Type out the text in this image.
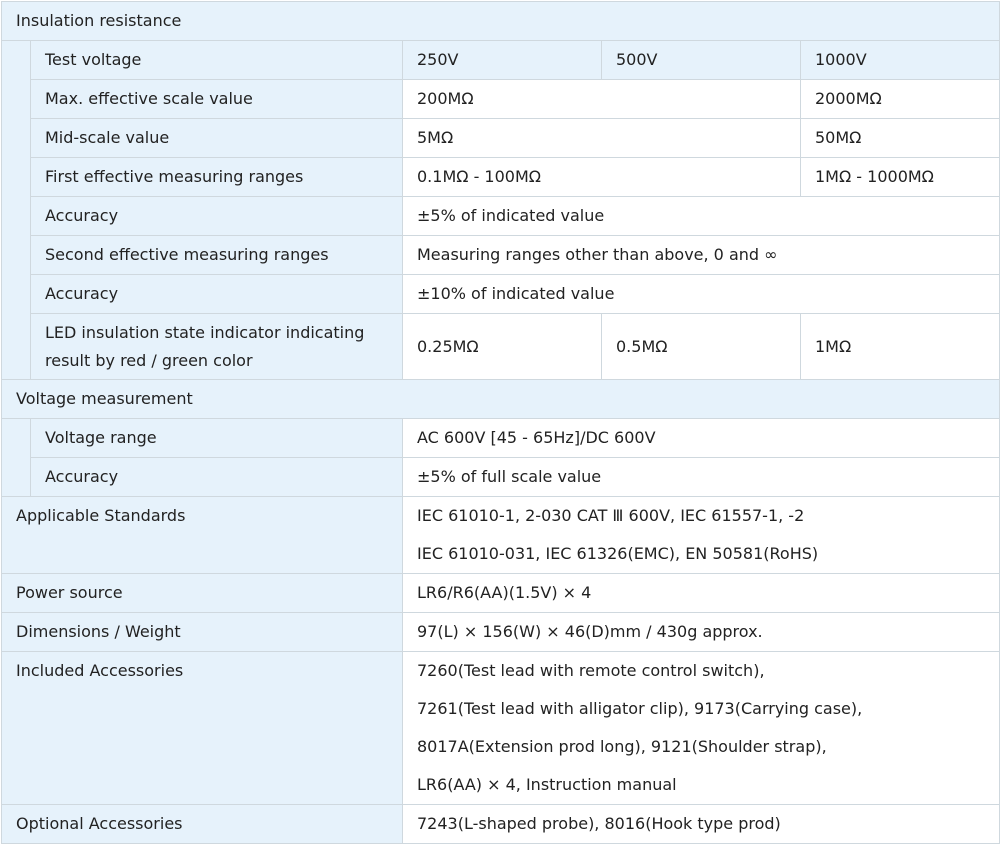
Insulation resistance				
	Test voltage	250V	500V	1000V
	Max. effective scale value	200MΩ		2000MΩ
	Mid-scale value	5MΩ		50MΩ
	First effective measuring ranges	0.1MΩ - 100MΩ		1MΩ - 1000MΩ
	Accuracy	±5% of indicated value		
	Second effective measuring ranges	Measuring ranges other than above, 0 and ∞		
	Accuracy	±10% of indicated value		

	LED insulation state indicator indicating
result by red / green color	0.25MΩ	0.5MΩ	1MΩ
Voltage measurement				
	Voltage range	AC 600V [45 - 65Hz]/DC 600V		
	Accuracy	±5% of full scale value		
Applicable Standards		IEC 61010-1, 2-030 CAT Ⅲ 600V, IEC 61557-1, -2
IEC 61010-031, IEC 61326(EMC), EN 50581(RoHS)		

Power source		LR6/R6(AA)(1.5V) × 4		
Dimensions / Weight		97(L) × 156(W) × 46(D)mm / 430g approx.		
Included Accessories		7260(Test lead with remote control switch),
7261(Test lead with alligator clip), 9173(Carrying case),
8017A(Extension prod long), 9121(Shoulder strap),
LR6(AA) × 4, Instruction manual		

Optional Accessories		7243(L-shaped probe), 8016(Hook type prod)		
